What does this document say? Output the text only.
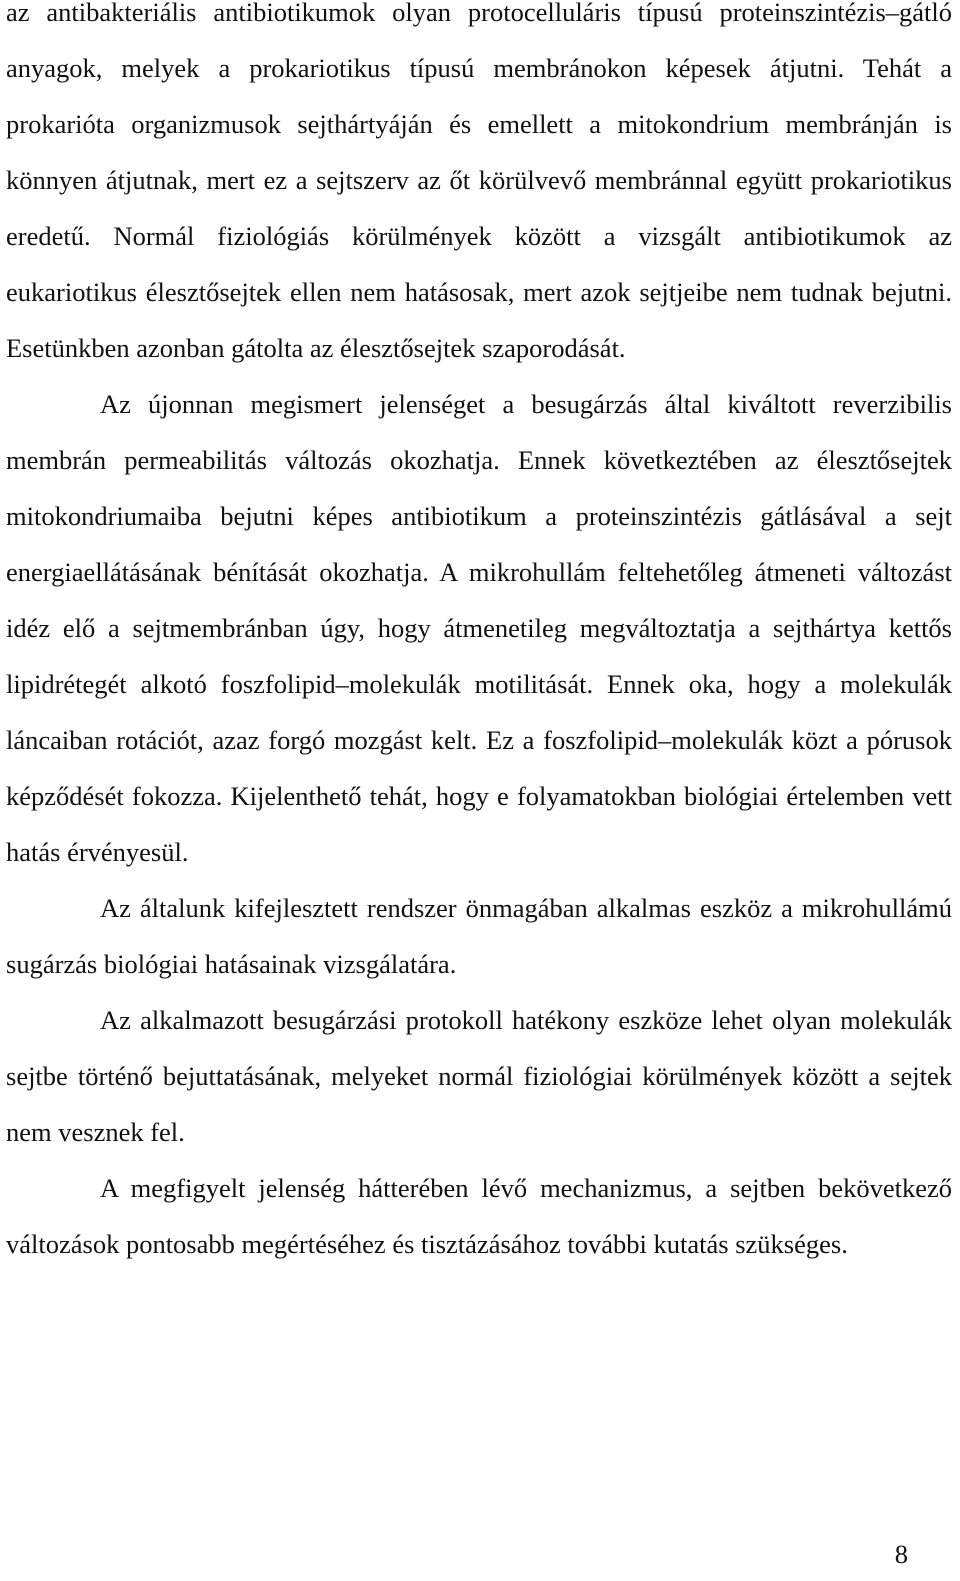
az antibakteriális antibiotikumok olyan protocelluláris típusú proteinszintézis–gátló anyagok, melyek a prokariotikus típusú membránokon képesek átjutni. Tehát a prokarióta organizmusok sejthártyáján és emellett a mitokondrium membránján is könnyen átjutnak, mert ez a sejtszerv az őt körülvevő membránnal együtt prokariotikus eredetű. Normál fiziológiás körülmények között a vizsgált antibiotikumok az eukariotikus élesztősejtek ellen nem hatásosak, mert azok sejtjeibe nem tudnak bejutni. Esetünkben azonban gátolta az élesztősejtek szaporodását.

Az újonnan megismert jelenséget a besugárzás által kiváltott reverzibilis membrán permeabilitás változás okozhatja. Ennek következtében az élesztősejtek mitokondriumaiba bejutni képes antibiotikum a proteinszintézis gátlásával a sejt energiaellátásának bénítását okozhatja. A mikrohullám feltehetőleg átmeneti változást idéz elő a sejtmembránban úgy, hogy átmenetileg megváltoztatja a sejthártya kettős lipidrétegét alkotó foszfolipid–molekulák motilitását. Ennek oka, hogy a molekulák láncaiban rotációt, azaz forgó mozgást kelt. Ez a foszfolipid–molekulák közt a pórusok képződését fokozza. Kijelenthető tehát, hogy e folyamatokban biológiai értelemben vett hatás érvényesül.

Az általunk kifejlesztett rendszer önmagában alkalmas eszköz a mikrohullámú sugárzás biológiai hatásainak vizsgálatára.

Az alkalmazott besugárzási protokoll hatékony eszköze lehet olyan molekulák sejtbe történő bejuttatásának, melyeket normál fiziológiai körülmények között a sejtek nem vesznek fel.

A megfigyelt jelenség hátterében lévő mechanizmus, a sejtben bekövetkező változások pontosabb megértéséhez és tisztázásához további kutatás szükséges.

8
